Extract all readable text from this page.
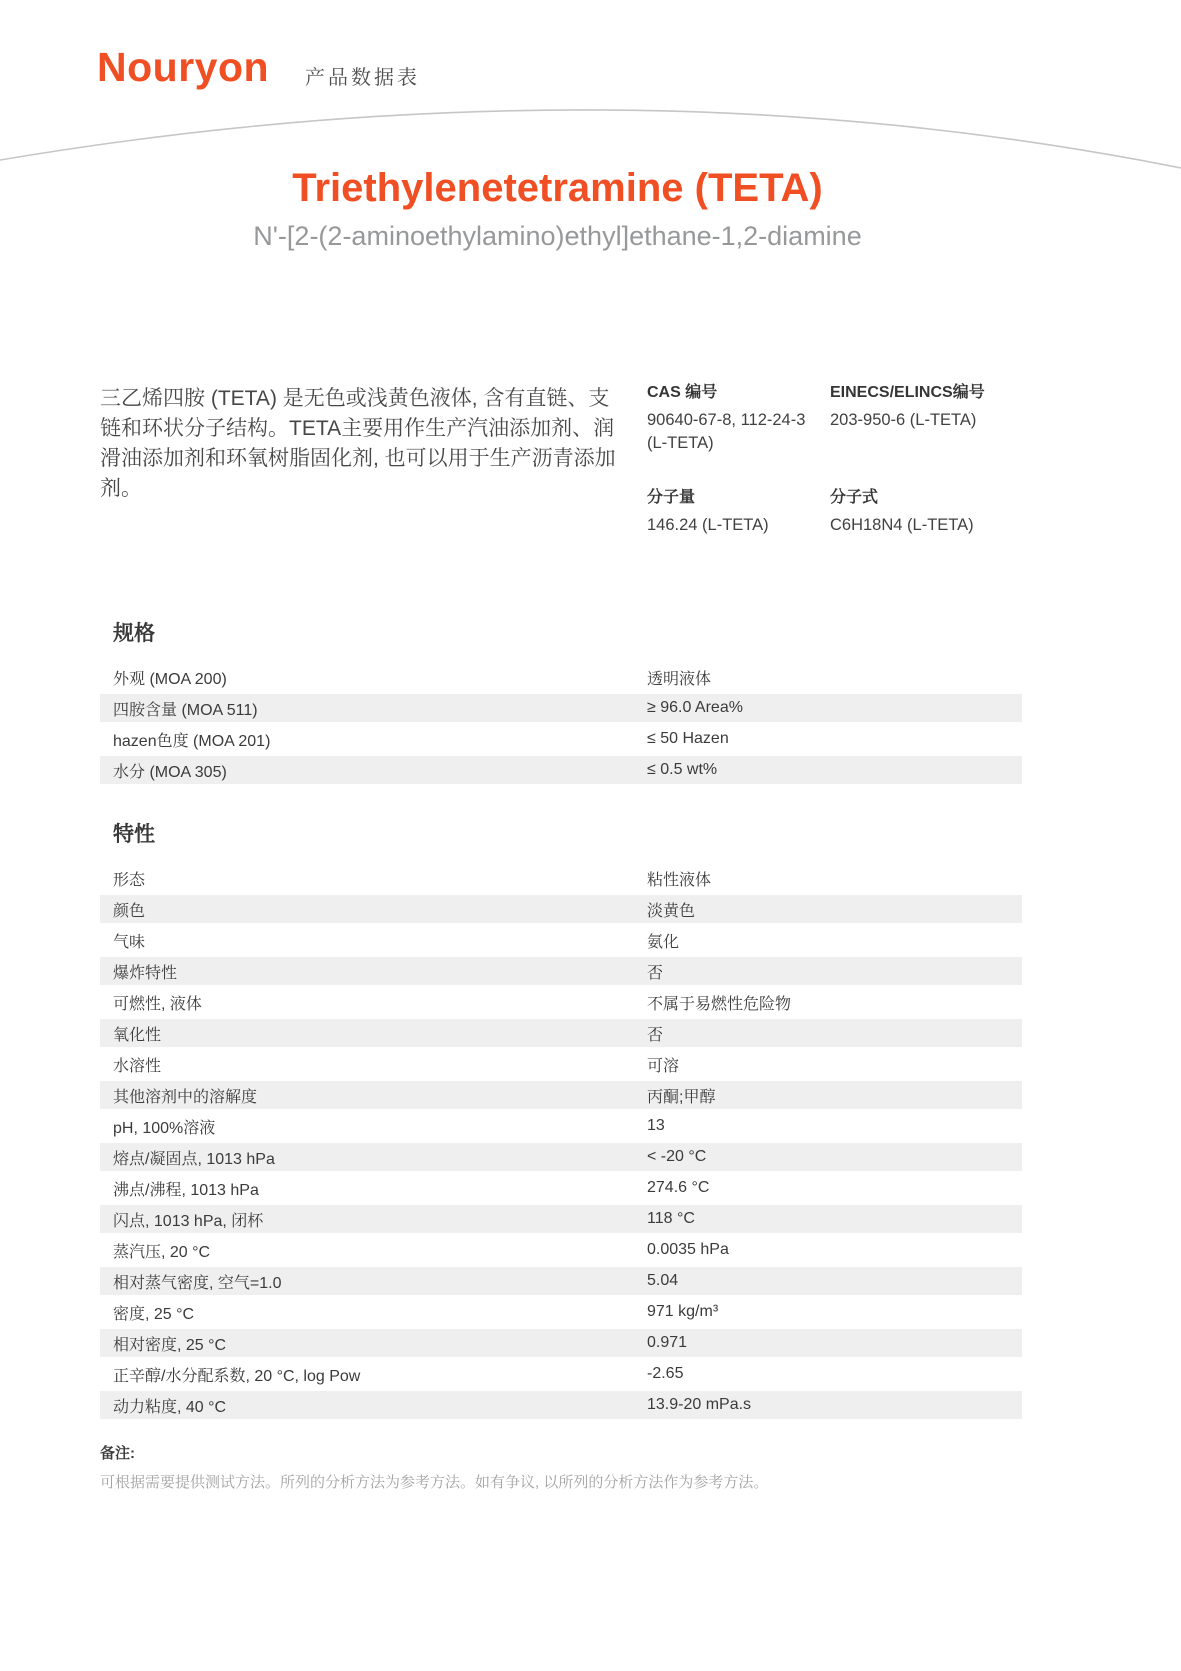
Nouryon 产品数据表
Triethylenetetramine (TETA)
N'-[2-(2-aminoethylamino)ethyl]ethane-1,2-diamine
三乙烯四胺 (TETA) 是无色或浅黄色液体, 含有直链、支链和环状分子结构。TETA主要用作生产汽油添加剂、润滑油添加剂和环氧树脂固化剂, 也可以用于生产沥青添加剂。
CAS 编号
90640-67-8, 112-24-3 (L-TETA)
EINECS/ELINCS编号
203-950-6 (L-TETA)
分子量
146.24 (L-TETA)
分子式
C6H18N4 (L-TETA)
规格
外观 (MOA 200)	透明液体
四胺含量 (MOA 511)	≥ 96.0 Area%
hazen色度 (MOA 201)	≤ 50 Hazen
水分 (MOA 305)	≤ 0.5 wt%
特性
形态	粘性液体
颜色	淡黄色
气味	氨化
爆炸特性	否
可燃性, 液体	不属于易燃性危险物
氧化性	否
水溶性	可溶
其他溶剂中的溶解度	丙酮;甲醇
pH, 100%溶液	13
熔点/凝固点, 1013 hPa	< -20 °C
沸点/沸程, 1013 hPa	274.6 °C
闪点, 1013 hPa, 闭杯	118 °C
蒸汽压, 20 °C	0.0035 hPa
相对蒸气密度, 空气=1.0	5.04
密度, 25 °C	971 kg/m³
相对密度, 25 °C	0.971
正辛醇/水分配系数, 20 °C, log Pow	-2.65
动力粘度, 40 °C	13.9-20 mPa.s
备注:
可根据需要提供测试方法。所列的分析方法为参考方法。如有争议, 以所列的分析方法作为参考方法。
